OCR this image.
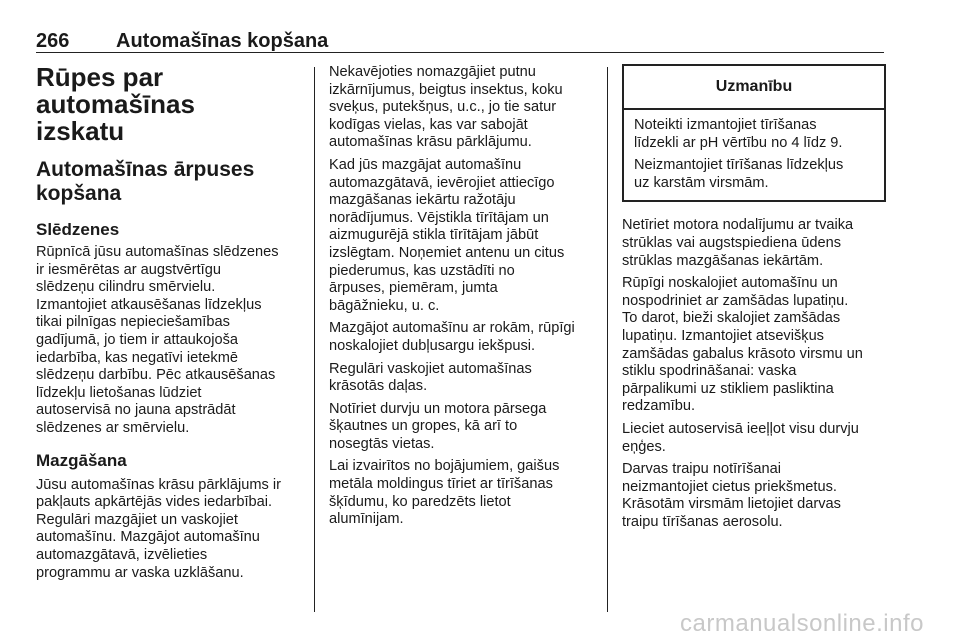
266 Automašīnas kopšana
Rūpes par automašīnas
izskatu
Automašīnas ārpuses
kopšana
Slēdzenes

Rūpnīcā jūsu automašīnas slēdzenes
ir iesmērētas ar augstvērtīgu
slēdzeņu cilindru smērvielu.
Izmantojiet atkausēšanas līdzekļus
tikai pilnīgas nepieciešamības
gadījumā, jo tiem ir attaukojoša
iedarbība, kas negatīvi ietekmē
slēdzeņu darbību. Pēc atkausēšanas
līdzekļu lietošanas lūdziet
autoservisā no jauna apstrādāt
slēdzenes ar smērvielu.

Mazgāšana

Jūsu automašīnas krāsu pārklājums ir
pakļauts apkārtējās vides iedarbībai.
Regulāri mazgājiet un vaskojiet
automašīnu. Mazgājot automašīnu
automazgātavā, izvēlieties
programmu ar vaska uzklāšanu.

Nekavējoties nomazgājiet putnu
izkārnījumus, beigtus insektus, koku
sveķus, putekšņus, u.c., jo tie satur
kodīgas vielas, kas var sabojāt
automašīnas krāsu pārklājumu.

Kad jūs mazgājat automašīnu
automazgātavā, ievērojiet attiecīgo
mazgāšanas iekārtu ražotāju
norādījumus. Vējstikla tīrītājam un
aizmugurējā stikla tīrītājam jābūt
izslēgtam. Noņemiet antenu un citus
piederumus, kas uzstādīti no
ārpuses, piemēram, jumta
bāgāžnieku, u. c.

Mazgājot automašīnu ar rokām, rūpīgi
noskalojiet dubļusargu iekšpusi.

Regulāri vaskojiet automašīnas
krāsotās daļas.

Notīriet durvju un motora pārsega
šķautnes un gropes, kā arī to
nosegtās vietas.

Lai izvairītos no bojājumiem, gaišus
metāla moldingus tīriet ar tīrīšanas
šķīdumu, ko paredzēts lietot
alumīnijam.

Uzmanību

Noteikti izmantojiet tīrīšanas
līdzekli ar pH vērtību no 4 līdz 9.

Neizmantojiet tīrīšanas līdzekļus
uz karstām virsmām.

Netīriet motora nodalījumu ar tvaika
strūklas vai augstspiediena ūdens
strūklas mazgāšanas iekārtām.

Rūpīgi noskalojiet automašīnu un
nospodriniet ar zamšādas lupatiņu.
To darot, bieži skalojiet zamšādas
lupatiņu. Izmantojiet atsevišķus
zamšādas gabalus krāsoto virsmu un
stiklu spodrināšanai: vaska
pārpalikumi uz stikliem pasliktina
redzamību.

Lieciet autoservisā ieeļļot visu durvju
eņģes.

Darvas traipu notīrīšanai
neizmantojiet cietus priekšmetus.
Krāsotām virsmām lietojiet darvas
traipu tīrīšanas aerosolu.

carmanualsonline.info
